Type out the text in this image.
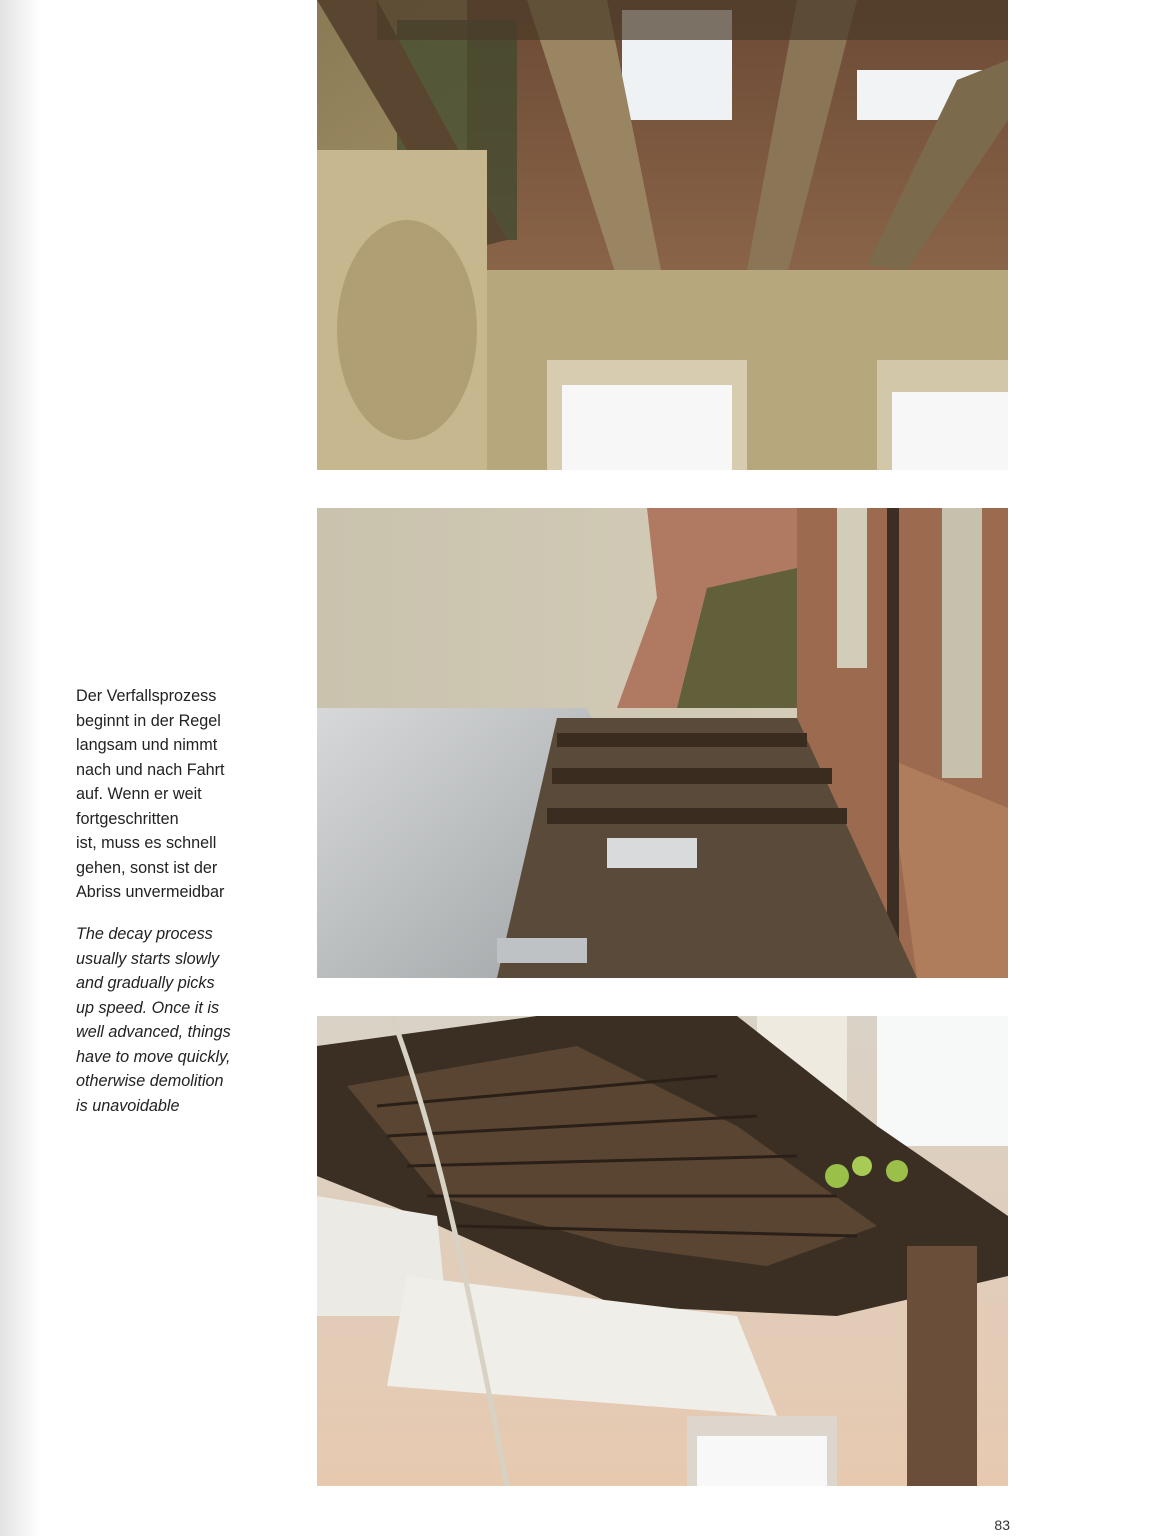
Der Verfallsprozess
beginnt in der Regel
langsam und nimmt
nach und nach Fahrt
auf. Wenn er weit
fortgeschritten
ist, muss es schnell
gehen, sonst ist der
Abriss unvermeidbar
The decay process
usually starts slowly
and gradually picks
up speed. Once it is
well advanced, things
have to move quickly,
otherwise demolition
is unavoidable
83
